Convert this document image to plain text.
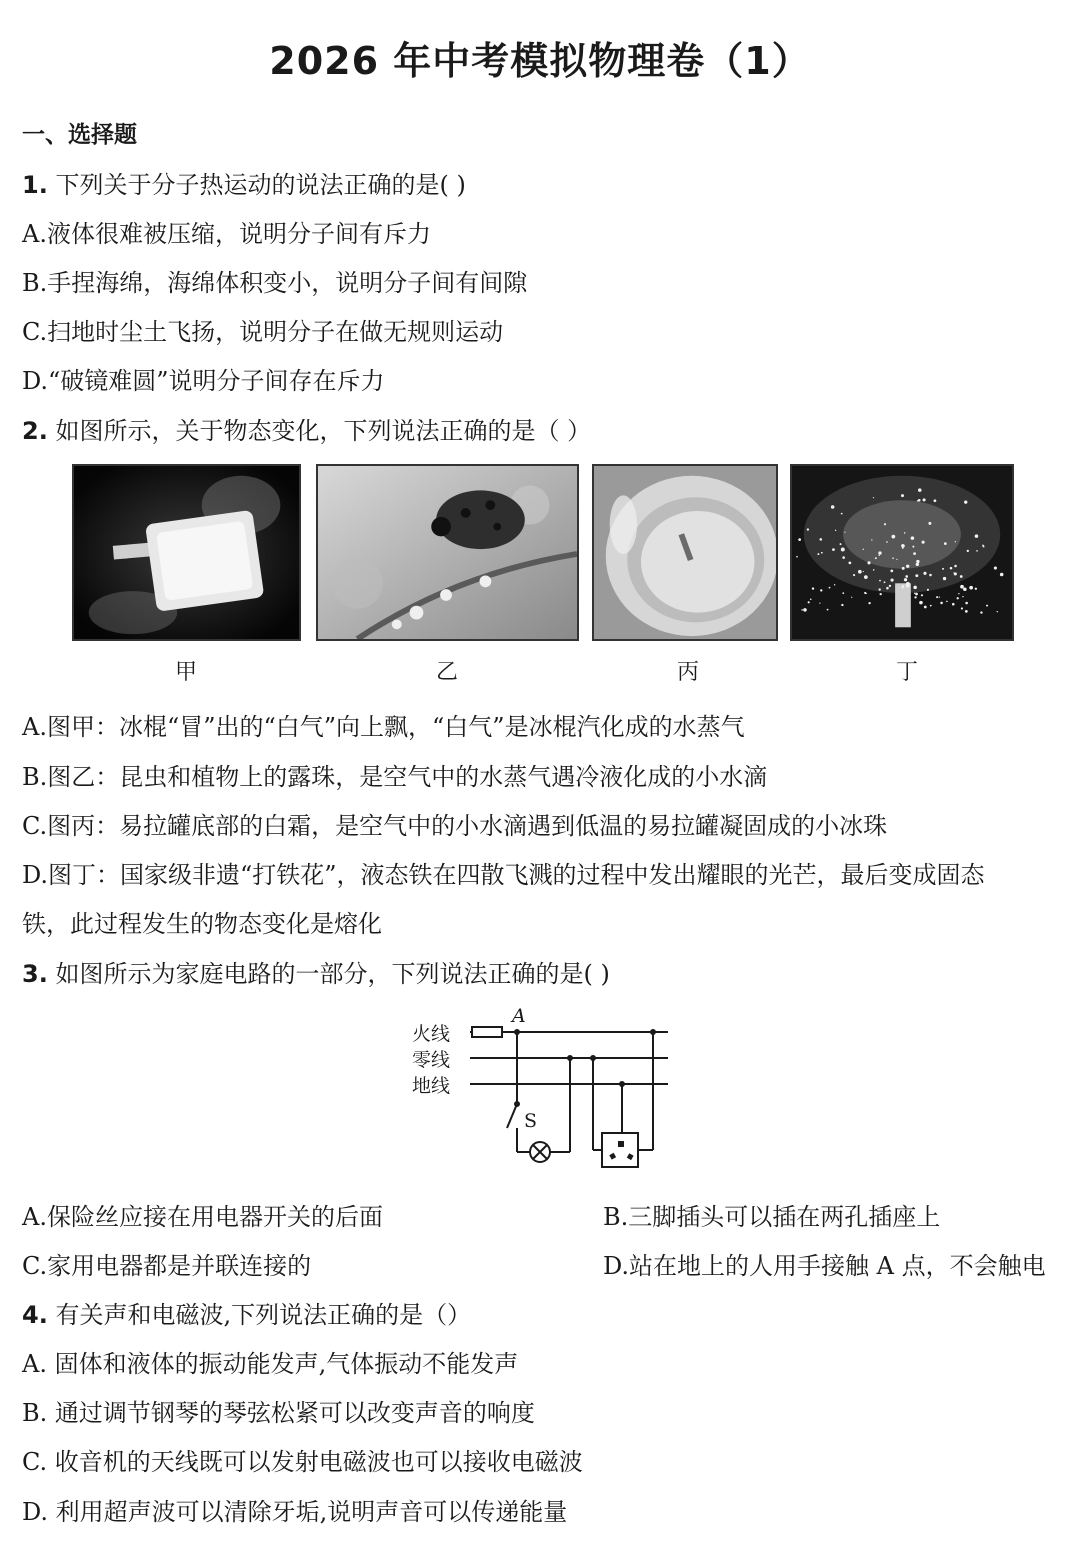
2026 年中考模拟物理卷（1）
一、选择题
1. 下列关于分子热运动的说法正确的是( )
A.液体很难被压缩，说明分子间有斥力
B.手捏海绵，海绵体积变小，说明分子间有间隙
C.扫地时尘土飞扬，说明分子在做无规则运动
D.“破镜难圆”说明分子间存在斥力
2. 如图所示，关于物态变化，下列说法正确的是（ ）
甲	乙	丙	丁
A.图甲：冰棍“冒”出的“白气”向上飘，“白气”是冰棍汽化成的水蒸气
B.图乙：昆虫和植物上的露珠，是空气中的水蒸气遇冷液化成的小水滴
C.图丙：易拉罐底部的白霜，是空气中的小水滴遇到低温的易拉罐凝固成的小冰珠
D.图丁：国家级非遗“打铁花”，液态铁在四散飞溅的过程中发出耀眼的光芒，最后变成固态
铁，此过程发生的物态变化是熔化
3. 如图所示为家庭电路的一部分，下列说法正确的是( )
火线
零线
地线
A
S
A.保险丝应接在用电器开关的后面	B.三脚插头可以插在两孔插座上
C.家用电器都是并联连接的	D.站在地上的人用手接触 A 点，不会触电
4. 有关声和电磁波,下列说法正确的是（）
A. 固体和液体的振动能发声,气体振动不能发声
B. 通过调节钢琴的琴弦松紧可以改变声音的响度
C. 收音机的天线既可以发射电磁波也可以接收电磁波
D. 利用超声波可以清除牙垢,说明声音可以传递能量
